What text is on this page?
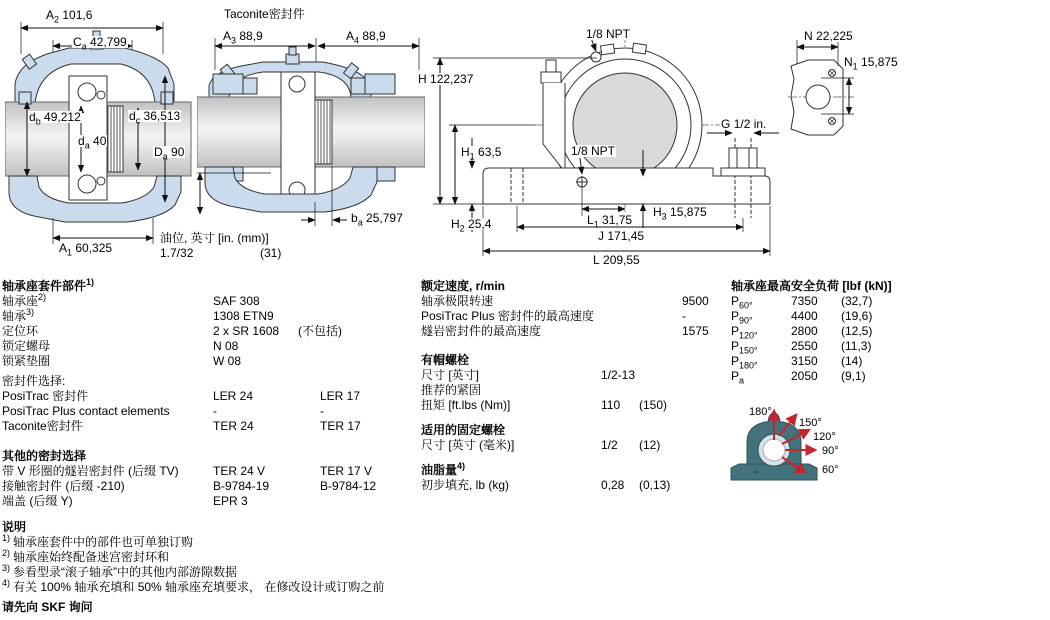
$A_2$ 101,6
$C_a$ 42,799
$d_b$ 49,212	$d_c$ 36,513
$d_a$ 40
$D_a$ 90
$A_1$ 60,325
Taconite密封件
$A_3$ 88,9	$A_4$ 88,9
$b_a$ 25,797
油位, 英寸 [in. (mm)]
1.7/32	(31)
1/8 NPT
H 122,237
$H_1$ 63,5	1/8 NPT
$H_2$ 25,4	$L_1$ 31,75
$H_3$ 15,875
G 1/2 in.
J 171,45
L 209,55
N 22,225
$N_1$ 15,875
轴承座套件部件$^{1)}$
轴承座$^{2)}$	SAF 308
轴承$^{3)}$	1308 ETN9
定位环	2 x SR 1608	(不包括)
锁定螺母	N 08
锁紧垫圈	W 08
密封件选择:
PosiTrac 密封件	LER 24	LER 17
PosiTrac Plus contact elements	-	-
Taconite密封件	TER 24	TER 17
其他的密封选择
带 V 形圈的燧岩密封件 (后缀 TV)	TER 24 V	TER 17 V
接触密封件 (后缀 -210)	B-9784-19	B-9784-12
端盖 (后缀 Y)	EPR 3
额定速度, r/min
轴承极限转速	9500
PosiTrac Plus 密封件的最高速度	-
燧岩密封件的最高速度	1575
有帽螺栓
尺寸 [英寸]	1/2-13
推荐的紧固
扭矩 [ft.lbs (Nm)]	110	(150)
适用的固定螺栓
尺寸 [英寸 (毫米)]	1/2	(12)
油脂量$^{4)}$
初步填充, lb (kg)	0,28	(0,13)
轴承座最高安全负荷 [lbf (kN)]
$P_{60^\circ}$	7350	(32,7)
$P_{90^\circ}$	4400	(19,6)
$P_{120^\circ}$	2800	(12,5)
$P_{150^\circ}$	2550	(11,3)
$P_{180^\circ}$	3150	(14)
$P_a$	2050	(9,1)
180°
150°
120°
90°
60°
说明
$^{1)}$ 轴承座套件中的部件也可单独订购
$^{2)}$ 轴承座始终配备迷宫密封环和
$^{3)}$ 参看型录“滚子轴承”中的其他内部游隙数据
$^{4)}$ 有关 100% 轴承充填和 50% 轴承座充填要求， 在修改设计或订购之前
请先向 SKF 询问
